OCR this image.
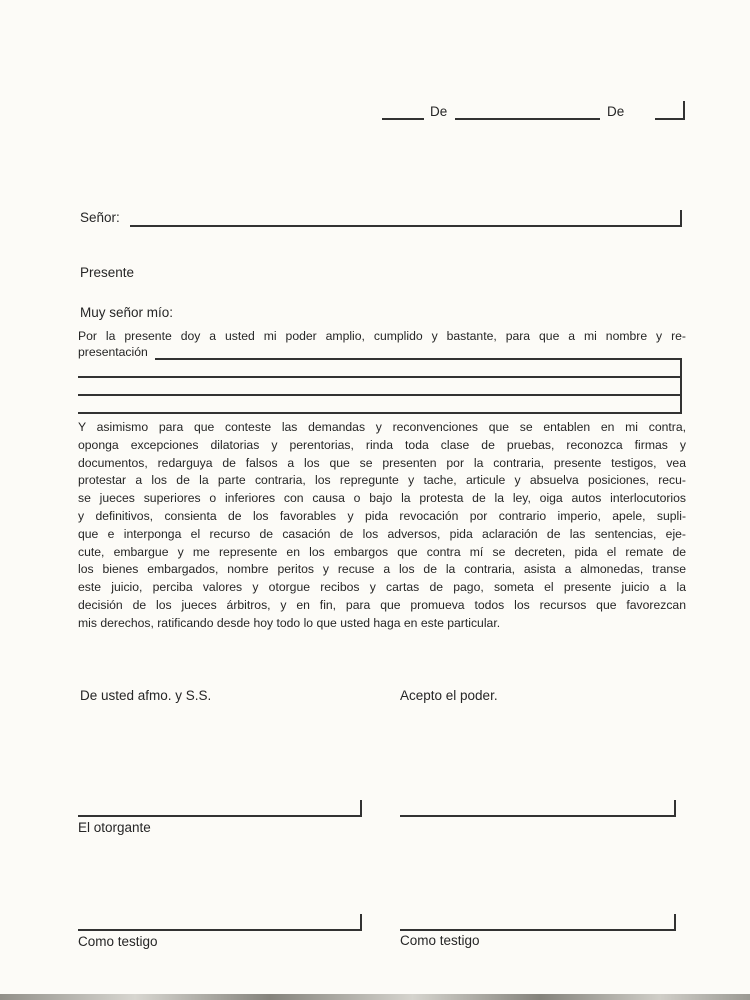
De	De
Señor:
Presente
Muy señor mío:
Por la presente doy a usted mi poder amplio, cumplido y bastante, para que a mi nombre y re-
presentación
Y asimismo para que conteste las demandas y reconvenciones que se entablen en mi contra,
oponga excepciones dilatorias y perentorias, rinda toda clase de pruebas, reconozca firmas y
documentos, redarguya de falsos a los que se presenten por la contraria, presente testigos, vea
protestar a los de la parte contraria, los repregunte y tache, articule y absuelva posiciones, recu-
se jueces superiores o inferiores con causa o bajo la protesta de la ley, oiga autos interlocutorios
y definitivos, consienta de los favorables y pida revocación por contrario imperio, apele, supli-
que e interponga el recurso de casación de los adversos, pida aclaración de las sentencias, eje-
cute, embargue y me represente en los embargos que contra mí se decreten, pida el remate de
los bienes embargados, nombre peritos y recuse a los de la contraria, asista a almonedas, transe
este juicio, perciba valores y otorgue recibos y cartas de pago, someta el presente juicio a la
decisión de los jueces árbitros, y en fin, para que promueva todos los recursos que favorezcan
mis derechos, ratificando desde hoy todo lo que usted haga en este particular.
De usted afmo. y S.S.	Acepto el poder.
El otorgante
Como testigo	Como testigo
